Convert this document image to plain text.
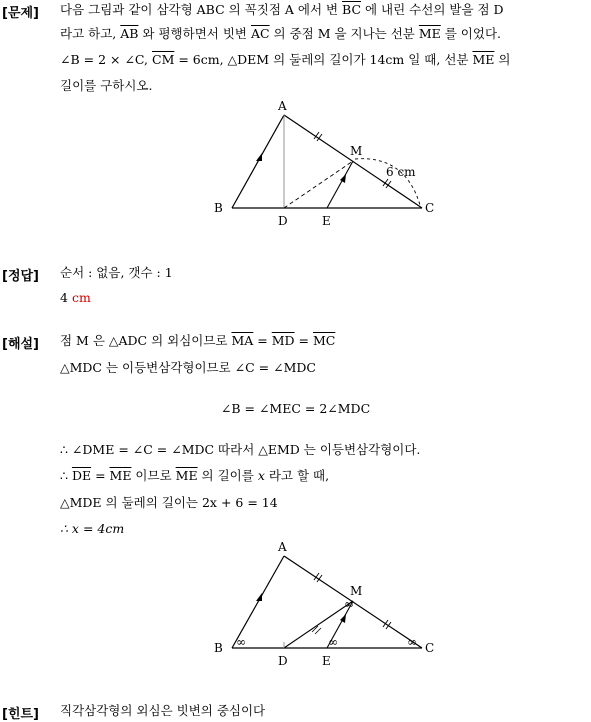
[문제] 다음 그림과 같이 삼각형 ABC 의 꼭짓점 A 에서 변 $\overline{BC}$ 에 내린 수선의 발을 점 D
라고 하고, $\overline{AB}$ 와 평행하면서 빗변 $\overline{AC}$ 의 중점 M 을 지나는 선분 $\overline{ME}$ 를 이었다.
∠B = 2 × ∠C, $\overline{CM} = 6cm$, △DEM 의 둘레의 길이가 14cm 일 때, 선분 $\overline{ME}$ 의
길이를 구하시오.
A
B	C
D	E
M
6 cm
[정답] 순서 : 없음, 갯수 : 1
4 cm
[해설] 점 M 은 △ADC 의 외심이므로 $\overline{MA} = \overline{MD} = \overline{MC}$
△MDC 는 이등변삼각형이므로 ∠C = ∠MDC
∠B = ∠MEC = 2∠MDC
∴ ∠DME = ∠C = ∠MDC 따라서 △EMD 는 이등변삼각형이다.
∴ $\overline{DE} = \overline{ME}$ 이므로 $\overline{ME}$ 의 길이를 x 라고 할 때,
△MDE 의 둘레의 길이는 2x + 6 = 14
∴ x = 4cm
∞	∞	∞
∞
A
B	C
D	E
M
[힌트] 직각삼각형의 외심은 빗변의 중심이다
